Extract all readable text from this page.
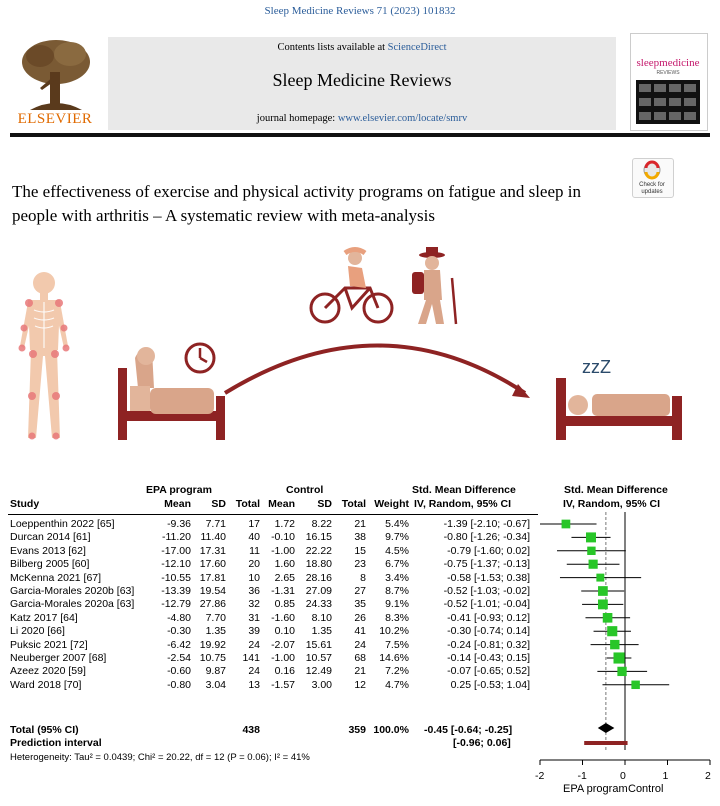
Sleep Medicine Reviews 71 (2023) 101832
ELSEVIER
Contents lists available at ScienceDirect
Sleep Medicine Reviews
journal homepage: www.elsevier.com/locate/smrv
sleepmedicine
REVIEWS
Check for updates
The effectiveness of exercise and physical activity programs on fatigue and sleep in people with arthritis – A systematic review with meta-analysis
zzZ
EPA program	Control	Std. Mean Difference	Std. Mean Difference
Study	Mean SD Total Mean SD Total Weight IV, Random, 95% CI	IV, Random, 95% CI
Loeppenthin 2022 [65]	-9.36 7.71 17 1.72 8.22 21 5.4%	-1.39 [-2.10; -0.67]
Durcan 2014 [61]	-11.20 11.40 40 -0.10 16.15 38 9.7%	-0.80 [-1.26; -0.34]
Evans 2013 [62]	-17.00 17.31 11 -1.00 22.22 15 4.5%	-0.79 [-1.60; 0.02]
Bilberg 2005 [60]	-12.10 17.60 20 1.60 18.80 23 6.7%	-0.75 [-1.37; -0.13]
McKenna 2021 [67]	-10.55 17.81 10 2.65 28.16	8 3.4%	-0.58 [-1.53; 0.38]
Garcia-Morales 2020b [63]	-13.39 19.54 36 -1.31 27.09 27 8.7%	-0.52 [-1.03; -0.02]
Garcia-Morales 2020a [63]	-12.79 27.86 32 0.85 24.33 35 9.1%	-0.52 [-1.01; -0.04]
Katz 2017 [64]	-4.80 7.70 31 -1.60 8.10 26 8.3%	-0.41 [-0.93; 0.12]
Li 2020 [66]	-0.30 1.35 39 0.10 1.35 41 10.2%	-0.30 [-0.74; 0.14]
Puksic 2021 [72]	-6.42 19.92 24 -2.07 15.61 24 7.5%	-0.24 [-0.81; 0.32]
Neuberger 2007 [68]	-2.54 10.75 141 -1.00 10.57 68 14.6%	-0.14 [-0.43; 0.15]
Azeez 2020 [59]	-0.60 9.87 24 0.16 12.49 21 7.2%	-0.07 [-0.65; 0.52]
Ward 2018 [70]	-0.80 3.04 13 -1.57 3.00 12 4.7%	0.25 [-0.53; 1.04]
Total (95% CI)	438	359 100.0% -0.45 [-0.64; -0.25]
Prediction interval	[-0.96; 0.06]
Heterogeneity: Tau² = 0.0439; Chi² = 20.22, df = 12 (P = 0.06); I² = 41%
-2	-1	0	1	2
EPA program Control
